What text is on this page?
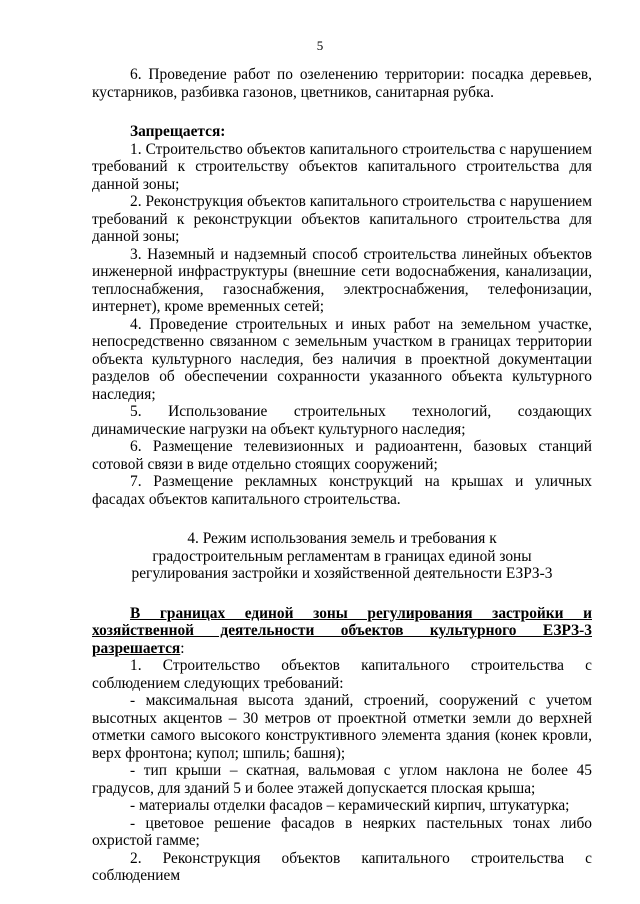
5

6. Проведение работ по озеленению территории: посадка деревьев, кустарников, разбивка газонов, цветников, санитарная рубка.

Запрещается:

1. Строительство объектов капитального строительства с нарушением требований к строительству объектов капитального строительства для данной зоны;

2. Реконструкция объектов капитального строительства с нарушением требований к реконструкции объектов капитального строительства для данной зоны;

3. Наземный и надземный способ строительства линейных объектов инженерной инфраструктуры (внешние сети водоснабжения, канализации, теплоснабжения, газоснабжения, электроснабжения, телефонизации, интернет), кроме временных сетей;

4. Проведение строительных и иных работ на земельном участке, непосредственно связанном с земельным участком в границах территории объекта культурного наследия, без наличия в проектной документации разделов об обеспечении сохранности указанного объекта культурного наследия;

5. Использование строительных технологий, создающих динамические нагрузки на объект культурного наследия;

6. Размещение телевизионных и радиоантенн, базовых станций сотовой связи в виде отдельно стоящих сооружений;

7. Размещение рекламных конструкций на крышах и уличных фасадах объектов капитального строительства.

4. Режим использования земель и требования к градостроительным регламентам в границах единой зоны регулирования застройки и хозяйственной деятельности ЕЗРЗ-3

В границах единой зоны регулирования застройки и хозяйственной деятельности объектов культурного ЕЗРЗ-3 разрешается:

1. Строительство объектов капитального строительства с соблюдением следующих требований:

- максимальная высота зданий, строений, сооружений с учетом высотных акцентов – 30 метров от проектной отметки земли до верхней отметки самого высокого конструктивного элемента здания (конек кровли, верх фронтона; купол; шпиль; башня);

- тип крыши – скатная, вальмовая с углом наклона не более 45 градусов, для зданий 5 и более этажей допускается плоская крыша;

- материалы отделки фасадов – керамический кирпич, штукатурка;

- цветовое решение фасадов в неярких пастельных тонах либо охристой гамме;

2. Реконструкция объектов капитального строительства с соблюдением
